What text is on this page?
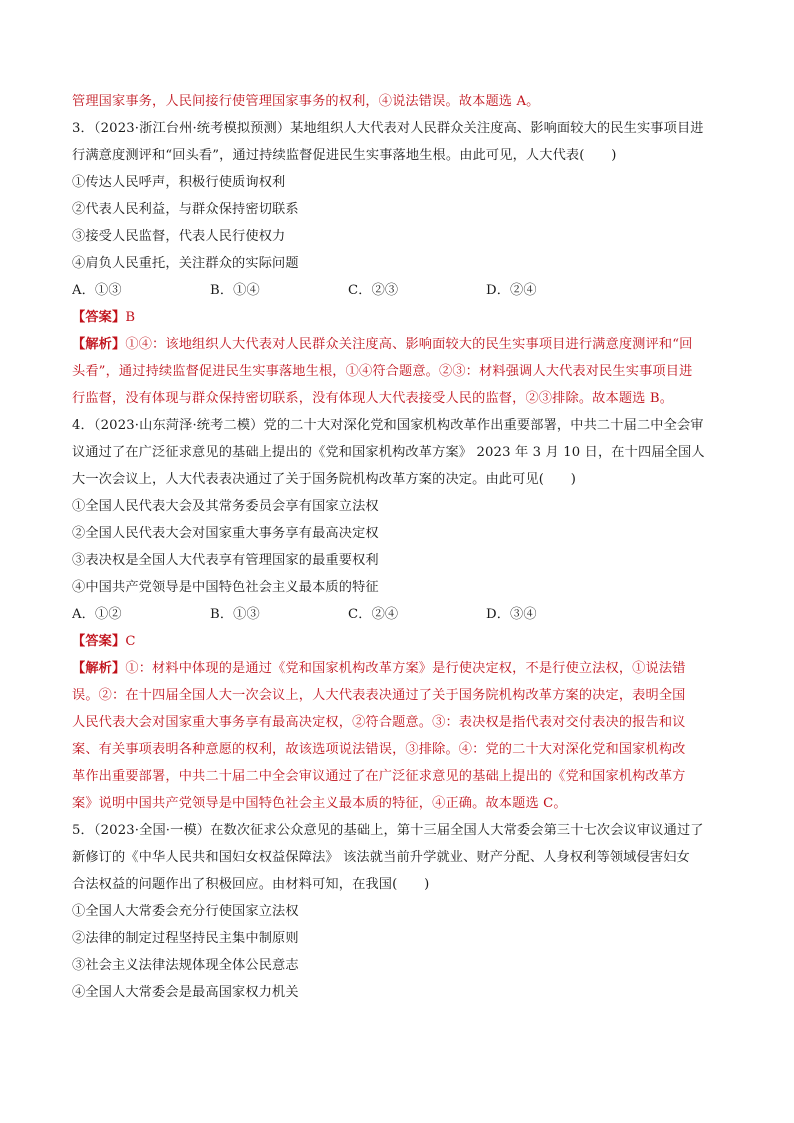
管理国家事务，人民间接行使管理国家事务的权利，④说法错误。故本题选 A。
3．（2023·浙江台州·统考模拟预测）某地组织人大代表对人民群众关注度高、影响面较大的民生实事项目进
行满意度测评和“回头看”，通过持续监督促进民生实事落地生根。由此可见，人大代表(　　)
①传达人民呼声，积极行使质询权利
②代表人民利益，与群众保持密切联系
③接受人民监督，代表人民行使权力
④肩负人民重托，关注群众的实际问题
A．①③	B．①④	C．②③	D．②④
【答案】B
【解析】①④：该地组织人大代表对人民群众关注度高、影响面较大的民生实事项目进行满意度测评和“回
头看”，通过持续监督促进民生实事落地生根，①④符合题意。②③：材料强调人大代表对民生实事项目进
行监督，没有体现与群众保持密切联系，没有体现人大代表接受人民的监督，②③排除。故本题选 B。
4．（2023·山东菏泽·统考二模）党的二十大对深化党和国家机构改革作出重要部署，中共二十届二中全会审
议通过了在广泛征求意见的基础上提出的《党和国家机构改革方案》 2023 年 3 月 10 日，在十四届全国人
大一次会议上，人大代表表决通过了关于国务院机构改革方案的决定。由此可见(　　)
①全国人民代表大会及其常务委员会享有国家立法权
②全国人民代表大会对国家重大事务享有最高决定权
③表决权是全国人大代表享有管理国家的最重要权利
④中国共产党领导是中国特色社会主义最本质的特征
A．①②	B．①③	C．②④	D．③④
【答案】C
【解析】①：材料中体现的是通过《党和国家机构改革方案》是行使决定权，不是行使立法权，①说法错
误。②：在十四届全国人大一次会议上，人大代表表决通过了关于国务院机构改革方案的决定，表明全国
人民代表大会对国家重大事务享有最高决定权，②符合题意。③：表决权是指代表对交付表决的报告和议
案、有关事项表明各种意愿的权利，故该选项说法错误，③排除。④：党的二十大对深化党和国家机构改
革作出重要部署，中共二十届二中全会审议通过了在广泛征求意见的基础上提出的《党和国家机构改革方
案》说明中国共产党领导是中国特色社会主义最本质的特征，④正确。故本题选 C。
5．（2023·全国·一模）在数次征求公众意见的基础上，第十三届全国人大常委会第三十七次会议审议通过了
新修订的《中华人民共和国妇女权益保障法》 该法就当前升学就业、财产分配、人身权利等领域侵害妇女
合法权益的问题作出了积极回应。由材料可知，在我国(　　)
①全国人大常委会充分行使国家立法权
②法律的制定过程坚持民主集中制原则
③社会主义法律法规体现全体公民意志
④全国人大常委会是最高国家权力机关
